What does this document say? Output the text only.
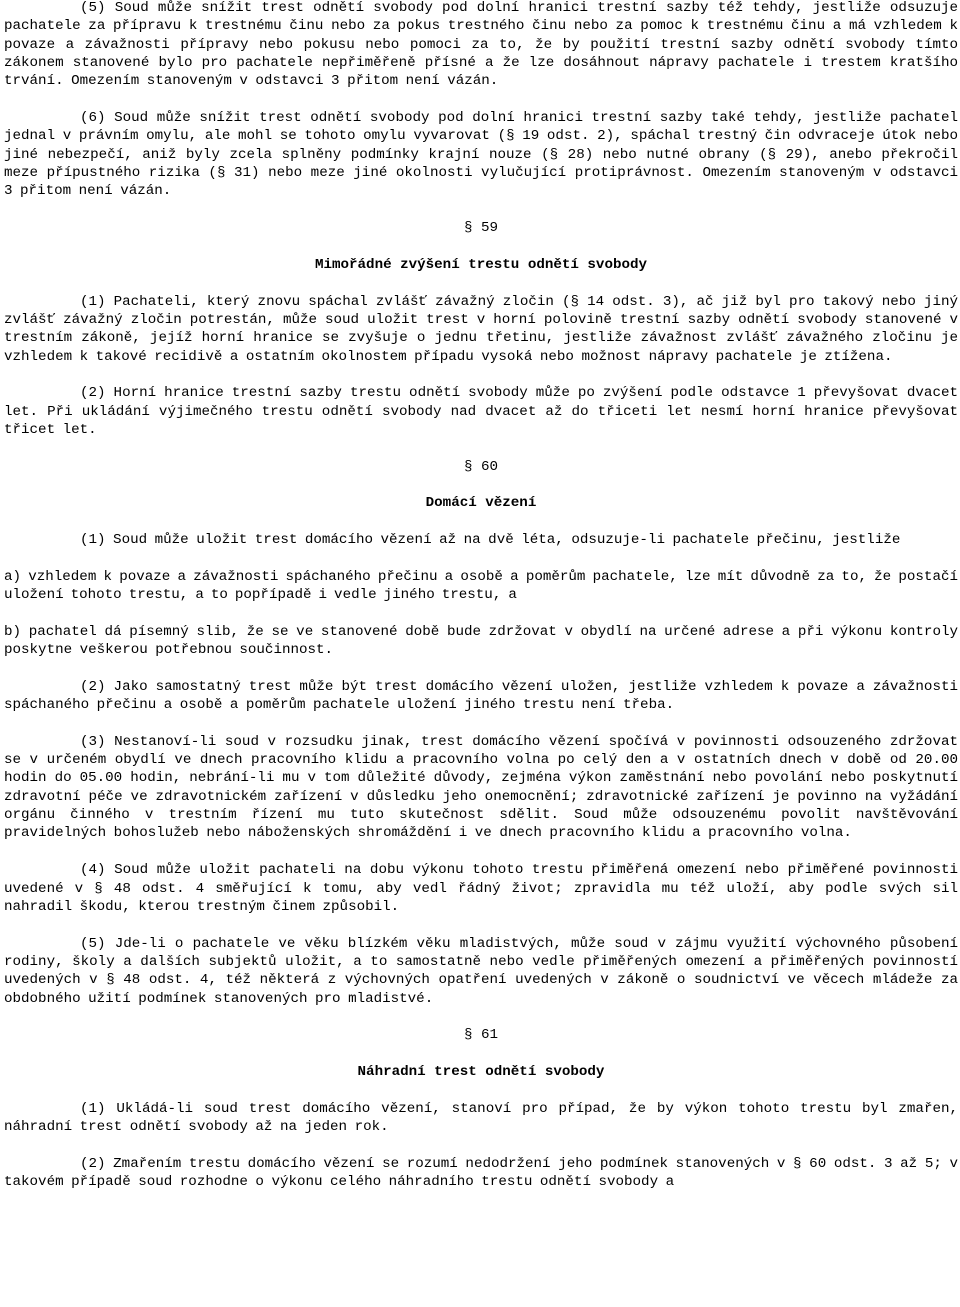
(5) Soud může snížit trest odnětí svobody pod dolní hranici trestní sazby též tehdy, jestliže odsuzuje pachatele za přípravu k trestnému činu nebo za pokus trestného činu nebo za pomoc k trestnému činu a má vzhledem k povaze a závažnosti přípravy nebo pokusu nebo pomoci za to, že by použití trestní sazby odnětí svobody tímto zákonem stanovené bylo pro pachatele nepřiměřeně přísné a že lze dosáhnout nápravy pachatele i trestem kratšího trvání. Omezením stanoveným v odstavci 3 přitom není vázán.

(6) Soud může snížit trest odnětí svobody pod dolní hranici trestní sazby také tehdy, jestliže pachatel jednal v právním omylu, ale mohl se tohoto omylu vyvarovat (§ 19 odst. 2), spáchal trestný čin odvraceje útok nebo jiné nebezpečí, aniž byly zcela splněny podmínky krajní nouze (§ 28) nebo nutné obrany (§ 29), anebo překročil meze přípustného rizika (§ 31) nebo meze jiné okolnosti vylučující protiprávnost. Omezením stanoveným v odstavci 3 přitom není vázán.

§ 59

Mimořádné zvýšení trestu odnětí svobody

(1) Pachateli, který znovu spáchal zvlášť závažný zločin (§ 14 odst. 3), ač již byl pro takový nebo jiný zvlášť závažný zločin potrestán, může soud uložit trest v horní polovině trestní sazby odnětí svobody stanovené v trestním zákoně, jejíž horní hranice se zvyšuje o jednu třetinu, jestliže závažnost zvlášť závažného zločinu je vzhledem k takové recidivě a ostatním okolnostem případu vysoká nebo možnost nápravy pachatele je ztížena.

(2) Horní hranice trestní sazby trestu odnětí svobody může po zvýšení podle odstavce 1 převyšovat dvacet let. Při ukládání výjimečného trestu odnětí svobody nad dvacet až do třiceti let nesmí horní hranice převyšovat třicet let.

§ 60

Domácí vězení

(1) Soud může uložit trest domácího vězení až na dvě léta, odsuzuje-li pachatele přečinu, jestliže

a) vzhledem k povaze a závažnosti spáchaného přečinu a osobě a poměrům pachatele, lze mít důvodně za to, že postačí uložení tohoto trestu, a to popřípadě i vedle jiného trestu, a

b) pachatel dá písemný slib, že se ve stanovené době bude zdržovat v obydlí na určené adrese a při výkonu kontroly poskytne veškerou potřebnou součinnost.

(2) Jako samostatný trest může být trest domácího vězení uložen, jestliže vzhledem k povaze a závažnosti spáchaného přečinu a osobě a poměrům pachatele uložení jiného trestu není třeba.

(3) Nestanoví-li soud v rozsudku jinak, trest domácího vězení spočívá v povinnosti odsouzeného zdržovat se v určeném obydlí ve dnech pracovního klidu a pracovního volna po celý den a v ostatních dnech v době od 20.00 hodin do 05.00 hodin, nebrání-li mu v tom důležité důvody, zejména výkon zaměstnání nebo povolání nebo poskytnutí zdravotní péče ve zdravotnickém zařízení v důsledku jeho onemocnění; zdravotnické zařízení je povinno na vyžádání orgánu činného v trestním řízení mu tuto skutečnost sdělit. Soud může odsouzenému povolit navštěvování pravidelných bohoslužeb nebo náboženských shromáždění i ve dnech pracovního klidu a pracovního volna.

(4) Soud může uložit pachateli na dobu výkonu tohoto trestu přiměřená omezení nebo přiměřené povinnosti uvedené v § 48 odst. 4 směřující k tomu, aby vedl řádný život; zpravidla mu též uloží, aby podle svých sil nahradil škodu, kterou trestným činem způsobil.

(5) Jde-li o pachatele ve věku blízkém věku mladistvých, může soud v zájmu využití výchovného působení rodiny, školy a dalších subjektů uložit, a to samostatně nebo vedle přiměřených omezení a přiměřených povinností uvedených v § 48 odst. 4, též některá z výchovných opatření uvedených v zákoně o soudnictví ve věcech mládeže za obdobného užití podmínek stanovených pro mladistvé.

§ 61

Náhradní trest odnětí svobody

(1) Ukládá-li soud trest domácího vězení, stanoví pro případ, že by výkon tohoto trestu byl zmařen, náhradní trest odnětí svobody až na jeden rok.

(2) Zmařením trestu domácího vězení se rozumí nedodržení jeho podmínek stanovených v § 60 odst. 3 až 5; v takovém případě soud rozhodne o výkonu celého náhradního trestu odnětí svobody a
